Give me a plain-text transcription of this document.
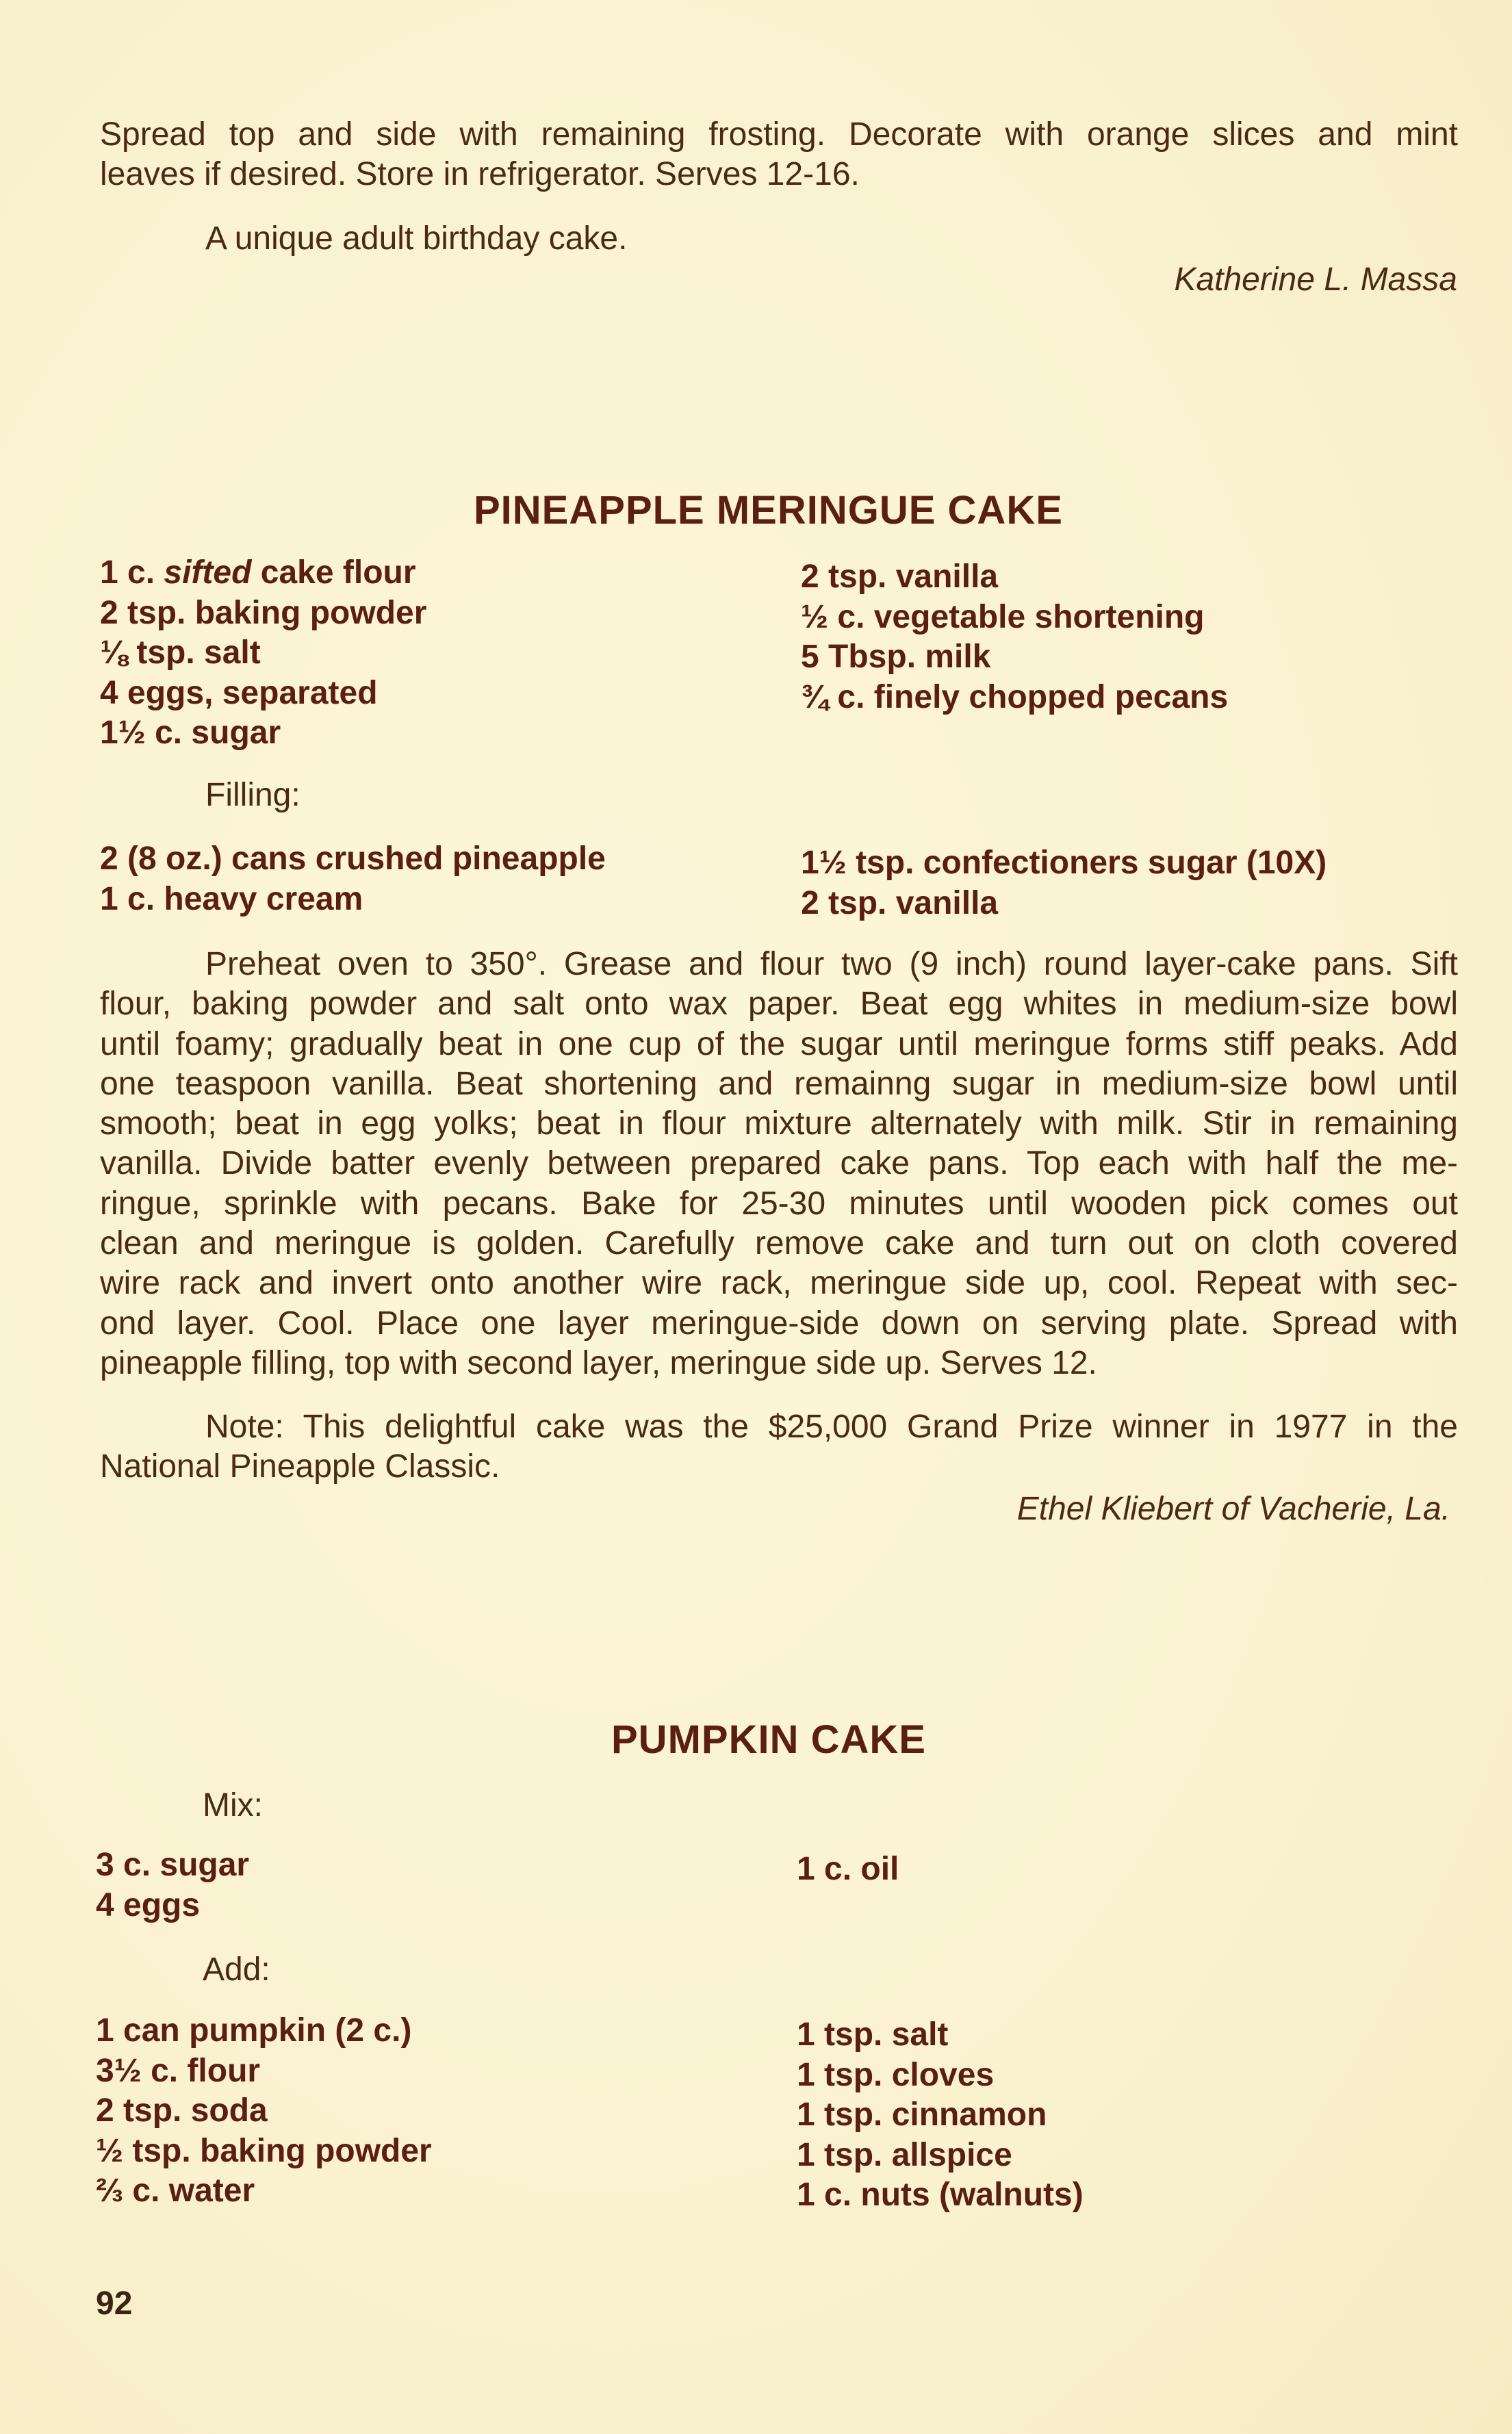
Spread top and side with remaining frosting. Decorate with orange slices and mint
leaves if desired. Store in refrigerator. Serves 12-16.
A unique adult birthday cake.
Katherine L. Massa
PINEAPPLE MERINGUE CAKE
1 c. sifted cake flour
2 tsp. baking powder
⅛ tsp. salt
4 eggs, separated
1½ c. sugar
2 tsp. vanilla
½ c. vegetable shortening
5 Tbsp. milk
¾ c. finely chopped pecans
Filling:
2 (8 oz.) cans crushed pineapple
1 c. heavy cream
1½ tsp. confectioners sugar (10X)
2 tsp. vanilla
Preheat oven to 350°. Grease and flour two (9 inch) round layer-cake pans. Sift
flour, baking powder and salt onto wax paper. Beat egg whites in medium-size bowl
until foamy; gradually beat in one cup of the sugar until meringue forms stiff peaks. Add
one teaspoon vanilla. Beat shortening and remainng sugar in medium-size bowl until
smooth; beat in egg yolks; beat in flour mixture alternately with milk. Stir in remaining
vanilla. Divide batter evenly between prepared cake pans. Top each with half the me-
ringue, sprinkle with pecans. Bake for 25-30 minutes until wooden pick comes out
clean and meringue is golden. Carefully remove cake and turn out on cloth covered
wire rack and invert onto another wire rack, meringue side up, cool. Repeat with sec-
ond layer. Cool. Place one layer meringue-side down on serving plate. Spread with
pineapple filling, top with second layer, meringue side up. Serves 12.
Note: This delightful cake was the $25,000 Grand Prize winner in 1977 in the
National Pineapple Classic.
Ethel Kliebert of Vacherie, La.
PUMPKIN CAKE
Mix:
3 c. sugar
4 eggs
1 c. oil
Add:
1 can pumpkin (2 c.)
3½ c. flour
2 tsp. soda
½ tsp. baking powder
⅔ c. water
1 tsp. salt
1 tsp. cloves
1 tsp. cinnamon
1 tsp. allspice
1 c. nuts (walnuts)
92
